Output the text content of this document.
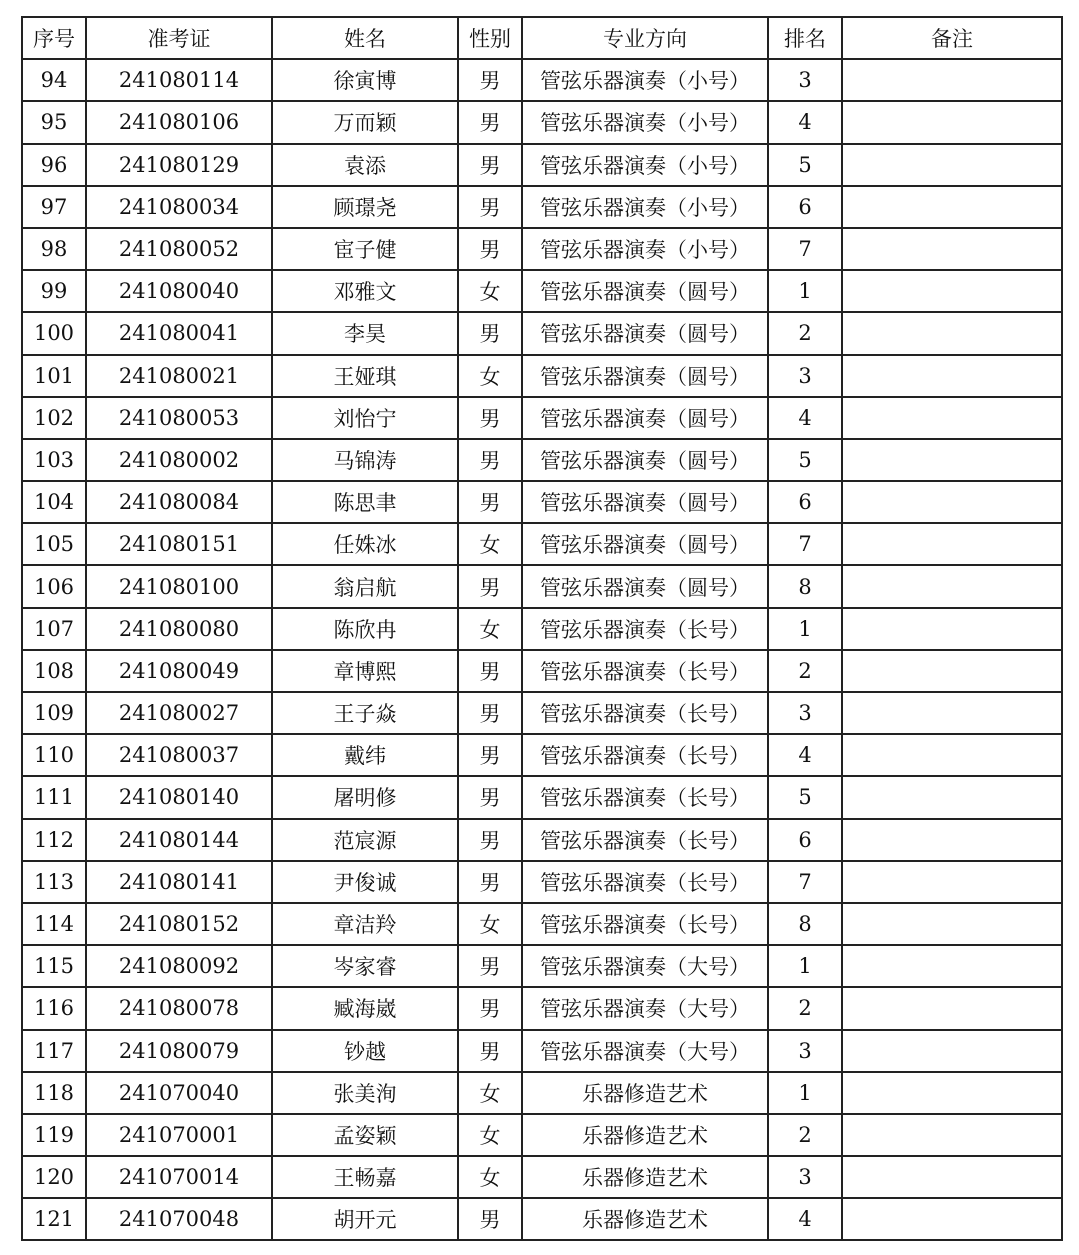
序号	准考证	姓名	性别	专业方向	排名	备注
94	241080114	徐寅博	男	管弦乐器演奏（小号）	3	
95	241080106	万而颖	男	管弦乐器演奏（小号）	4	
96	241080129	袁添	男	管弦乐器演奏（小号）	5	
97	241080034	顾璟尧	男	管弦乐器演奏（小号）	6	
98	241080052	宦子健	男	管弦乐器演奏（小号）	7	
99	241080040	邓雅文	女	管弦乐器演奏（圆号）	1	
100	241080041	李昊	男	管弦乐器演奏（圆号）	2	
101	241080021	王娅琪	女	管弦乐器演奏（圆号）	3	
102	241080053	刘怡宁	男	管弦乐器演奏（圆号）	4	
103	241080002	马锦涛	男	管弦乐器演奏（圆号）	5	
104	241080084	陈思聿	男	管弦乐器演奏（圆号）	6	
105	241080151	任姝冰	女	管弦乐器演奏（圆号）	7	
106	241080100	翁启航	男	管弦乐器演奏（圆号）	8	
107	241080080	陈欣冉	女	管弦乐器演奏（长号）	1	
108	241080049	章博熙	男	管弦乐器演奏（长号）	2	
109	241080027	王子焱	男	管弦乐器演奏（长号）	3	
110	241080037	戴纬	男	管弦乐器演奏（长号）	4	
111	241080140	屠明修	男	管弦乐器演奏（长号）	5	
112	241080144	范宸源	男	管弦乐器演奏（长号）	6	
113	241080141	尹俊诚	男	管弦乐器演奏（长号）	7	
114	241080152	章洁羚	女	管弦乐器演奏（长号）	8	
115	241080092	岑家睿	男	管弦乐器演奏（大号）	1	
116	241080078	臧海崴	男	管弦乐器演奏（大号）	2	
117	241080079	钞越	男	管弦乐器演奏（大号）	3	
118	241070040	张美洵	女	乐器修造艺术	1	
119	241070001	孟姿颖	女	乐器修造艺术	2	
120	241070014	王畅嘉	女	乐器修造艺术	3	
121	241070048	胡开元	男	乐器修造艺术	4	
